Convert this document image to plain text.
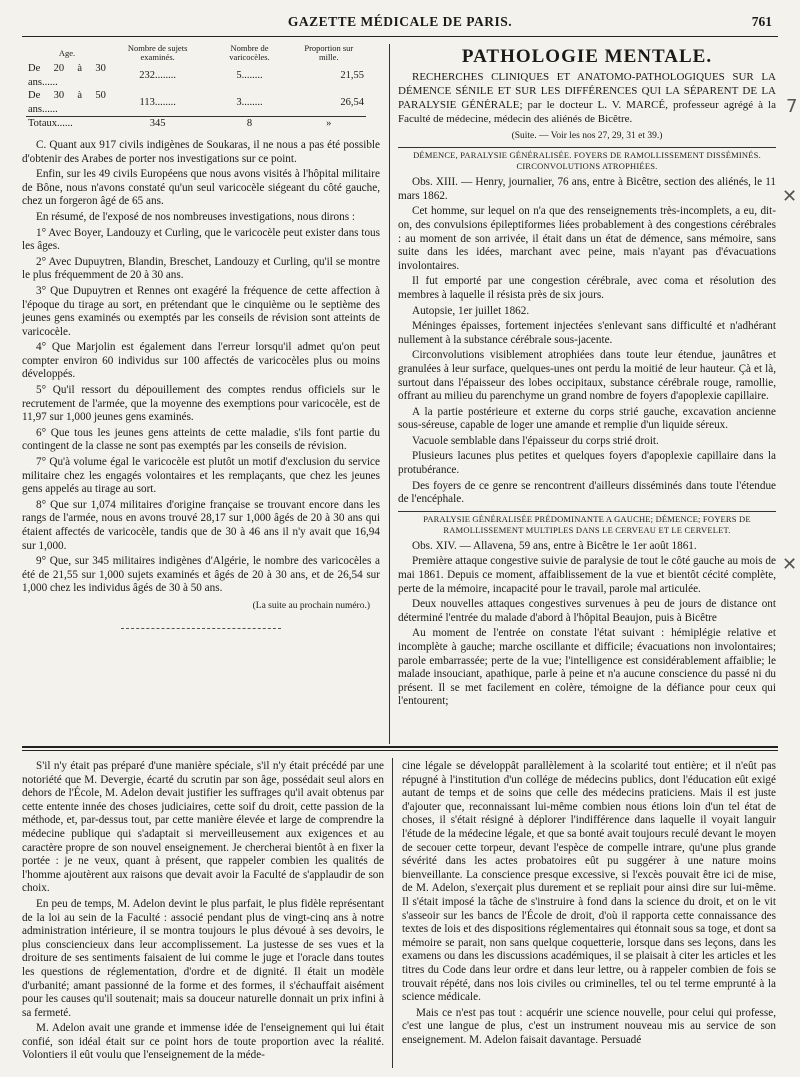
GAZETTE MÉDICALE DE PARIS.	761
Age.	Nombre de sujets examinés.	Nombre de varicocèles.	Proportion sur mille.
De 20 à 30 ans......	232........	5........	21,55
De 30 à 50 ans......	113........	3........	26,54
Totaux......	345	8	»

C. Quant aux 917 civils indigènes de Soukaras, il ne nous a pas été possible d'obtenir des Arabes de porter nos investigations sur ce point.

Enfin, sur les 49 civils Européens que nous avons visités à l'hôpital militaire de Bône, nous n'avons constaté qu'un seul varicocèle siégeant du côté gauche, chez un forgeron âgé de 65 ans.

En résumé, de l'exposé de nos nombreuses investigations, nous dirons :

1° Avec Boyer, Landouzy et Curling, que le varicocèle peut exister dans tous les âges.

2° Avec Dupuytren, Blandin, Breschet, Landouzy et Curling, qu'il se montre le plus fréquemment de 20 à 30 ans.

3° Que Dupuytren et Rennes ont exagéré la fréquence de cette affection à l'époque du tirage au sort, en prétendant que le cinquième ou le septième des jeunes gens examinés ou exemptés par les conseils de révision sont atteints de varicocèle.

4° Que Marjolin est également dans l'erreur lorsqu'il admet qu'on peut compter environ 60 individus sur 100 affectés de varicocèles plus ou moins développés.

5° Qu'il ressort du dépouillement des comptes rendus officiels sur le recrutement de l'armée, que la moyenne des exemptions pour varicocèle, est de 11,97 sur 1,000 jeunes gens examinés.

6° Que tous les jeunes gens atteints de cette maladie, s'ils font partie du contingent de la classe ne sont pas exemptés par les conseils de révision.

7° Qu'à volume égal le varicocèle est plutôt un motif d'exclusion du service militaire chez les engagés volontaires et les remplaçants, que chez les jeunes gens appelés au tirage au sort.

8° Que sur 1,074 militaires d'origine française se trouvant encore dans les rangs de l'armée, nous en avons trouvé 28,17 sur 1,000 âgés de 20 à 30 ans qui étaient affectés de varicocèle, tandis que de 30 à 46 ans il n'y avait que 16,94 sur 1,000.

9° Que, sur 345 militaires indigènes d'Algérie, le nombre des varicocèles a été de 21,55 sur 1,000 sujets examinés et âgés de 20 à 30 ans, et de 26,54 sur 1,000 chez les individus âgés de 30 à 50 ans.

(La suite au prochain numéro.)
PATHOLOGIE MENTALE.
RECHERCHES CLINIQUES ET ANATOMO-PATHOLOGIQUES SUR LA DÉMENCE SÉNILE ET SUR LES DIFFÉRENCES QUI LA SÉPARENT DE LA PARALYSIE GÉNÉRALE; par le docteur L. V. MARCÉ, professeur agrégé à la Faculté de médecine, médecin des aliénés de Bicêtre.
(Suite. — Voir les nos 27, 29, 31 et 39.)
DÉMENCE, PARALYSIE GÉNÉRALISÉE. FOYERS DE RAMOLLISSEMENT DISSÉMINÉS. CIRCONVOLUTIONS ATROPHIÉES.

Obs. XIII. — Henry, journalier, 76 ans, entre à Bicêtre, section des aliénés, le 11 mars 1862.

Cet homme, sur lequel on n'a que des renseignements très-incomplets, a eu, dit-on, des convulsions épileptiformes liées probablement à des congestions cérébrales : au moment de son arrivée, il était dans un état de démence, sans mémoire, sans suite dans les idées, marchant avec peine, mais n'ayant pas d'évacuations involontaires.

Il fut emporté par une congestion cérébrale, avec coma et résolution des membres à laquelle il résista près de six jours.

Autopsie, 1er juillet 1862.

Méninges épaisses, fortement injectées s'enlevant sans difficulté et n'adhérant nullement à la substance cérébrale sous-jacente.

Circonvolutions visiblement atrophiées dans toute leur étendue, jaunâtres et granulées à leur surface, quelques-unes ont perdu la moitié de leur hauteur. Çà et là, surtout dans l'épaisseur des lobes occipitaux, substance cérébrale rouge, ramollie, offrant au milieu du parenchyme un grand nombre de foyers d'apoplexie capillaire.

A la partie postérieure et externe du corps strié gauche, excavation ancienne sous-séreuse, capable de loger une amande et remplie d'un liquide séreux.

Vacuole semblable dans l'épaisseur du corps strié droit.

Plusieurs lacunes plus petites et quelques foyers d'apoplexie capillaire dans la protubérance.

Des foyers de ce genre se rencontrent d'ailleurs disséminés dans toute l'étendue de l'encéphale.

PARALYSIE GÉNÉRALISÉE PRÉDOMINANTE A GAUCHE; DÉMENCE; FOYERS DE RAMOLLISSEMENT MULTIPLES DANS LE CERVEAU ET LE CERVELET.

Obs. XIV. — Allavena, 59 ans, entre à Bicêtre le 1er août 1861.

Première attaque congestive suivie de paralysie de tout le côté gauche au mois de mai 1861. Depuis ce moment, affaiblissement de la vue et bientôt cécité complète, perte de la mémoire, incapacité pour le travail, parole mal articulée.

Deux nouvelles attaques congestives survenues à peu de jours de distance ont déterminé l'entrée du malade d'abord à l'hôpital Beaujon, puis à Bicêtre

Au moment de l'entrée on constate l'état suivant : hémiplégie relative et incomplète à gauche; marche oscillante et difficile; évacuations non involontaires; parole embarrassée; perte de la vue; l'intelligence est considérablement affaiblie; le malade insouciant, apathique, parle à peine et n'a aucune conscience du passé ni du présent. Il se met facilement en colère, témoigne de la défiance pour ceux qui l'entourent;

7
✕
✕

S'il n'y était pas préparé d'une manière spéciale, s'il n'y était précédé par une notoriété que M. Devergie, écarté du scrutin par son âge, possédait seul alors en dehors de l'École, M. Adelon devait justifier les suffrages qu'il avait obtenus par cette entente innée des choses judiciaires, cette soif du droit, cette passion de la méthode, et, par-dessus tout, par cette manière élevée et large de comprendre la médecine publique qui s'adaptait si merveilleusement aux exigences et au caractère propre de son nouvel enseignement. Je chercherai bientôt à en fixer la portée : je ne veux, quant à présent, que rappeler combien les qualités de l'homme ajoutèrent aux raisons que devait avoir la Faculté de s'applaudir de son choix.

En peu de temps, M. Adelon devint le plus parfait, le plus fidèle représentant de la loi au sein de la Faculté : associé pendant plus de vingt-cinq ans à notre administration intérieure, il se montra toujours le plus dévoué à ses devoirs, le plus consciencieux dans leur accomplissement. La justesse de ses vues et la droiture de ses sentiments faisaient de lui comme le juge et l'oracle dans toutes les questions de réglementation, d'ordre et de dignité. Il était un modèle d'urbanité; amant passionné de la forme et des formes, il s'échauffait aisément pour les causes qu'il soutenait; mais sa douceur naturelle donnait un prix infini à sa fermeté.

M. Adelon avait une grande et immense idée de l'enseignement qui lui était confié, son idéal était sur ce point hors de toute proportion avec la réalité. Volontiers il eût voulu que l'enseignement de la méde-

cine légale se développât parallèlement à la scolarité tout entière; et il n'eût pas répugné à l'institution d'un collége de médecins publics, dont l'éducation eût exigé autant de temps et de soins que celle des médecins praticiens. Mais il est juste d'ajouter que, reconnaissant lui-même combien nous étions loin d'un tel état de choses, il s'était résigné à déplorer l'indifférence dans laquelle il voyait languir l'étude de la médecine légale, et que sa bonté avait toujours reculé devant le moyen de secouer cette torpeur, devant l'espèce de compelle intrare, qu'une plus grande sévérité dans les actes probatoires eût pu suggérer à une nature moins bienveillante. La conscience presque excessive, si l'excès pouvait être ici de mise, de M. Adelon, s'exerçait plus durement et se repliait pour ainsi dire sur lui-même. Il s'était imposé la tâche de s'instruire à fond dans la science du droit, et on le vit s'asseoir sur les bancs de l'École de droit, d'où il rapporta cette connaissance des textes de lois et des dispositions réglementaires qui étonnait sous sa toge, et dont sa mémoire se parait, non sans quelque coquetterie, lorsque dans ses leçons, dans les examens ou dans les discussions académiques, il se plaisait à citer les articles et les titres du Code dans leur ordre et dans leur lettre, ou à rappeler combien de fois se trouvait répété, dans nos lois civiles ou criminelles, tel ou tel terme emprunté à la science médicale.

Mais ce n'est pas tout : acquérir une science nouvelle, pour celui qui professe, c'est une langue de plus, c'est un instrument nouveau mis au service de son enseignement. M. Adelon faisait davantage. Persuadé
